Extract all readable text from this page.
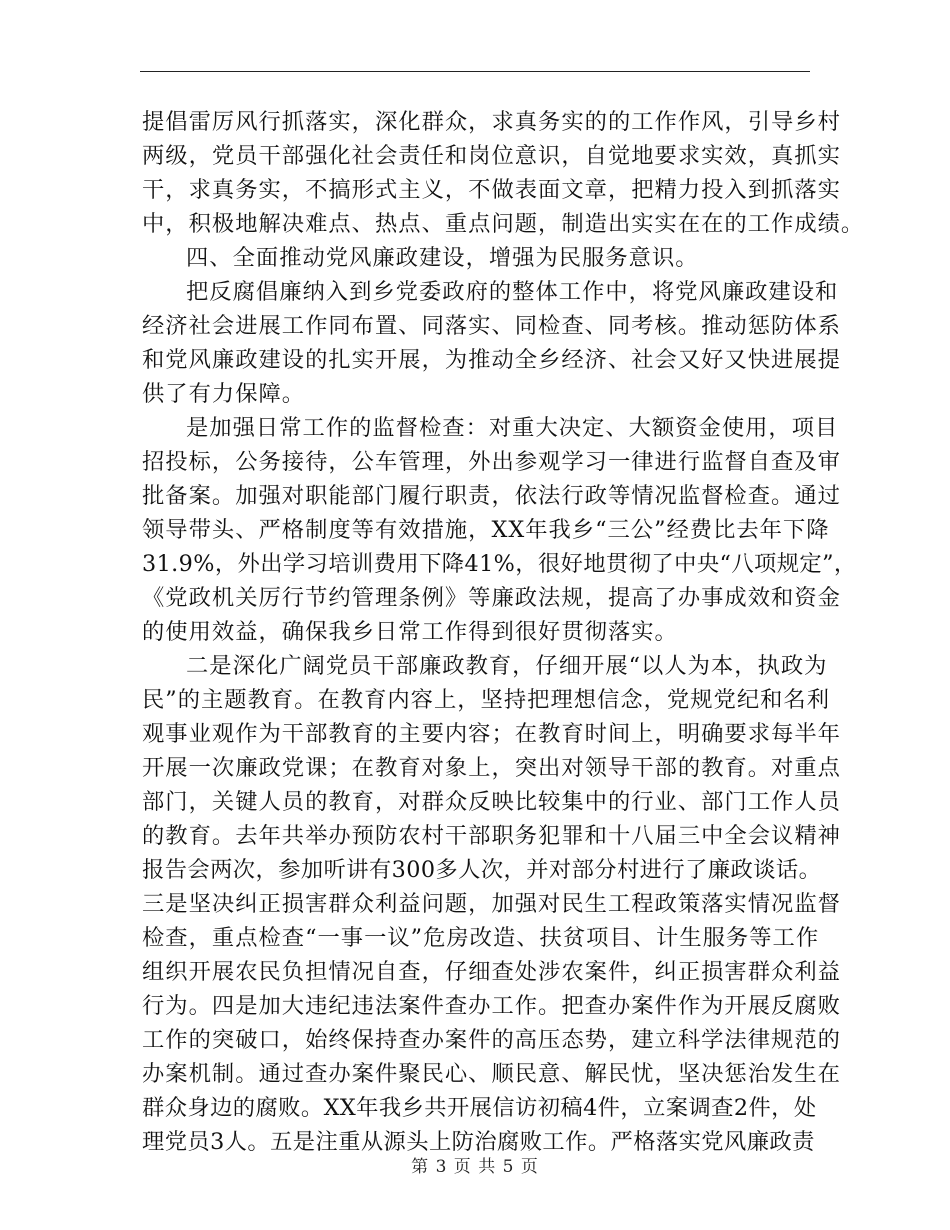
提倡雷厉风行抓落实，深化群众，求真务实的的工作作风，引导乡村
两级，党员干部强化社会责任和岗位意识，自觉地要求实效，真抓实
干，求真务实，不搞形式主义，不做表面文章，把精力投入到抓落实
中，积极地解决难点、热点、重点问题，制造出实实在在的工作成绩。
四、全面推动党风廉政建设，增强为民服务意识。
把反腐倡廉纳入到乡党委政府的整体工作中，将党风廉政建设和
经济社会进展工作同布置、同落实、同检查、同考核。推动惩防体系
和党风廉政建设的扎实开展，为推动全乡经济、社会又好又快进展提
供了有力保障。
是加强日常工作的监督检查：对重大决定、大额资金使用，项目
招投标，公务接待，公车管理，外出参观学习一律进行监督自查及审
批备案。加强对职能部门履行职责，依法行政等情况监督检查。通过
领导带头、严格制度等有效措施，XX年我乡“三公”经费比去年下降
31.9%，外出学习培训费用下降41%，很好地贯彻了中央“八项规定”，
《党政机关厉行节约管理条例》等廉政法规，提高了办事成效和资金
的使用效益，确保我乡日常工作得到很好贯彻落实。
二是深化广阔党员干部廉政教育，仔细开展“以人为本，执政为
民”的主题教育。在教育内容上，坚持把理想信念，党规党纪和名利
观事业观作为干部教育的主要内容；在教育时间上，明确要求每半年
开展一次廉政党课；在教育对象上，突出对领导干部的教育。对重点
部门，关键人员的教育，对群众反映比较集中的行业、部门工作人员
的教育。去年共举办预防农村干部职务犯罪和十八届三中全会议精神
报告会两次，参加听讲有300多人次，并对部分村进行了廉政谈话。
三是坚决纠正损害群众利益问题，加强对民生工程政策落实情况监督
检查，重点检查“一事一议”危房改造、扶贫项目、计生服务等工作
组织开展农民负担情况自查，仔细查处涉农案件，纠正损害群众利益
行为。四是加大违纪违法案件查办工作。把查办案件作为开展反腐败
工作的突破口，始终保持查办案件的高压态势，建立科学法律规范的
办案机制。通过查办案件聚民心、顺民意、解民忧，坚决惩治发生在
群众身边的腐败。XX年我乡共开展信访初稿4件，立案调查2件，处
理党员3人。五是注重从源头上防治腐败工作。严格落实党风廉政责
第 3 页 共 5 页
